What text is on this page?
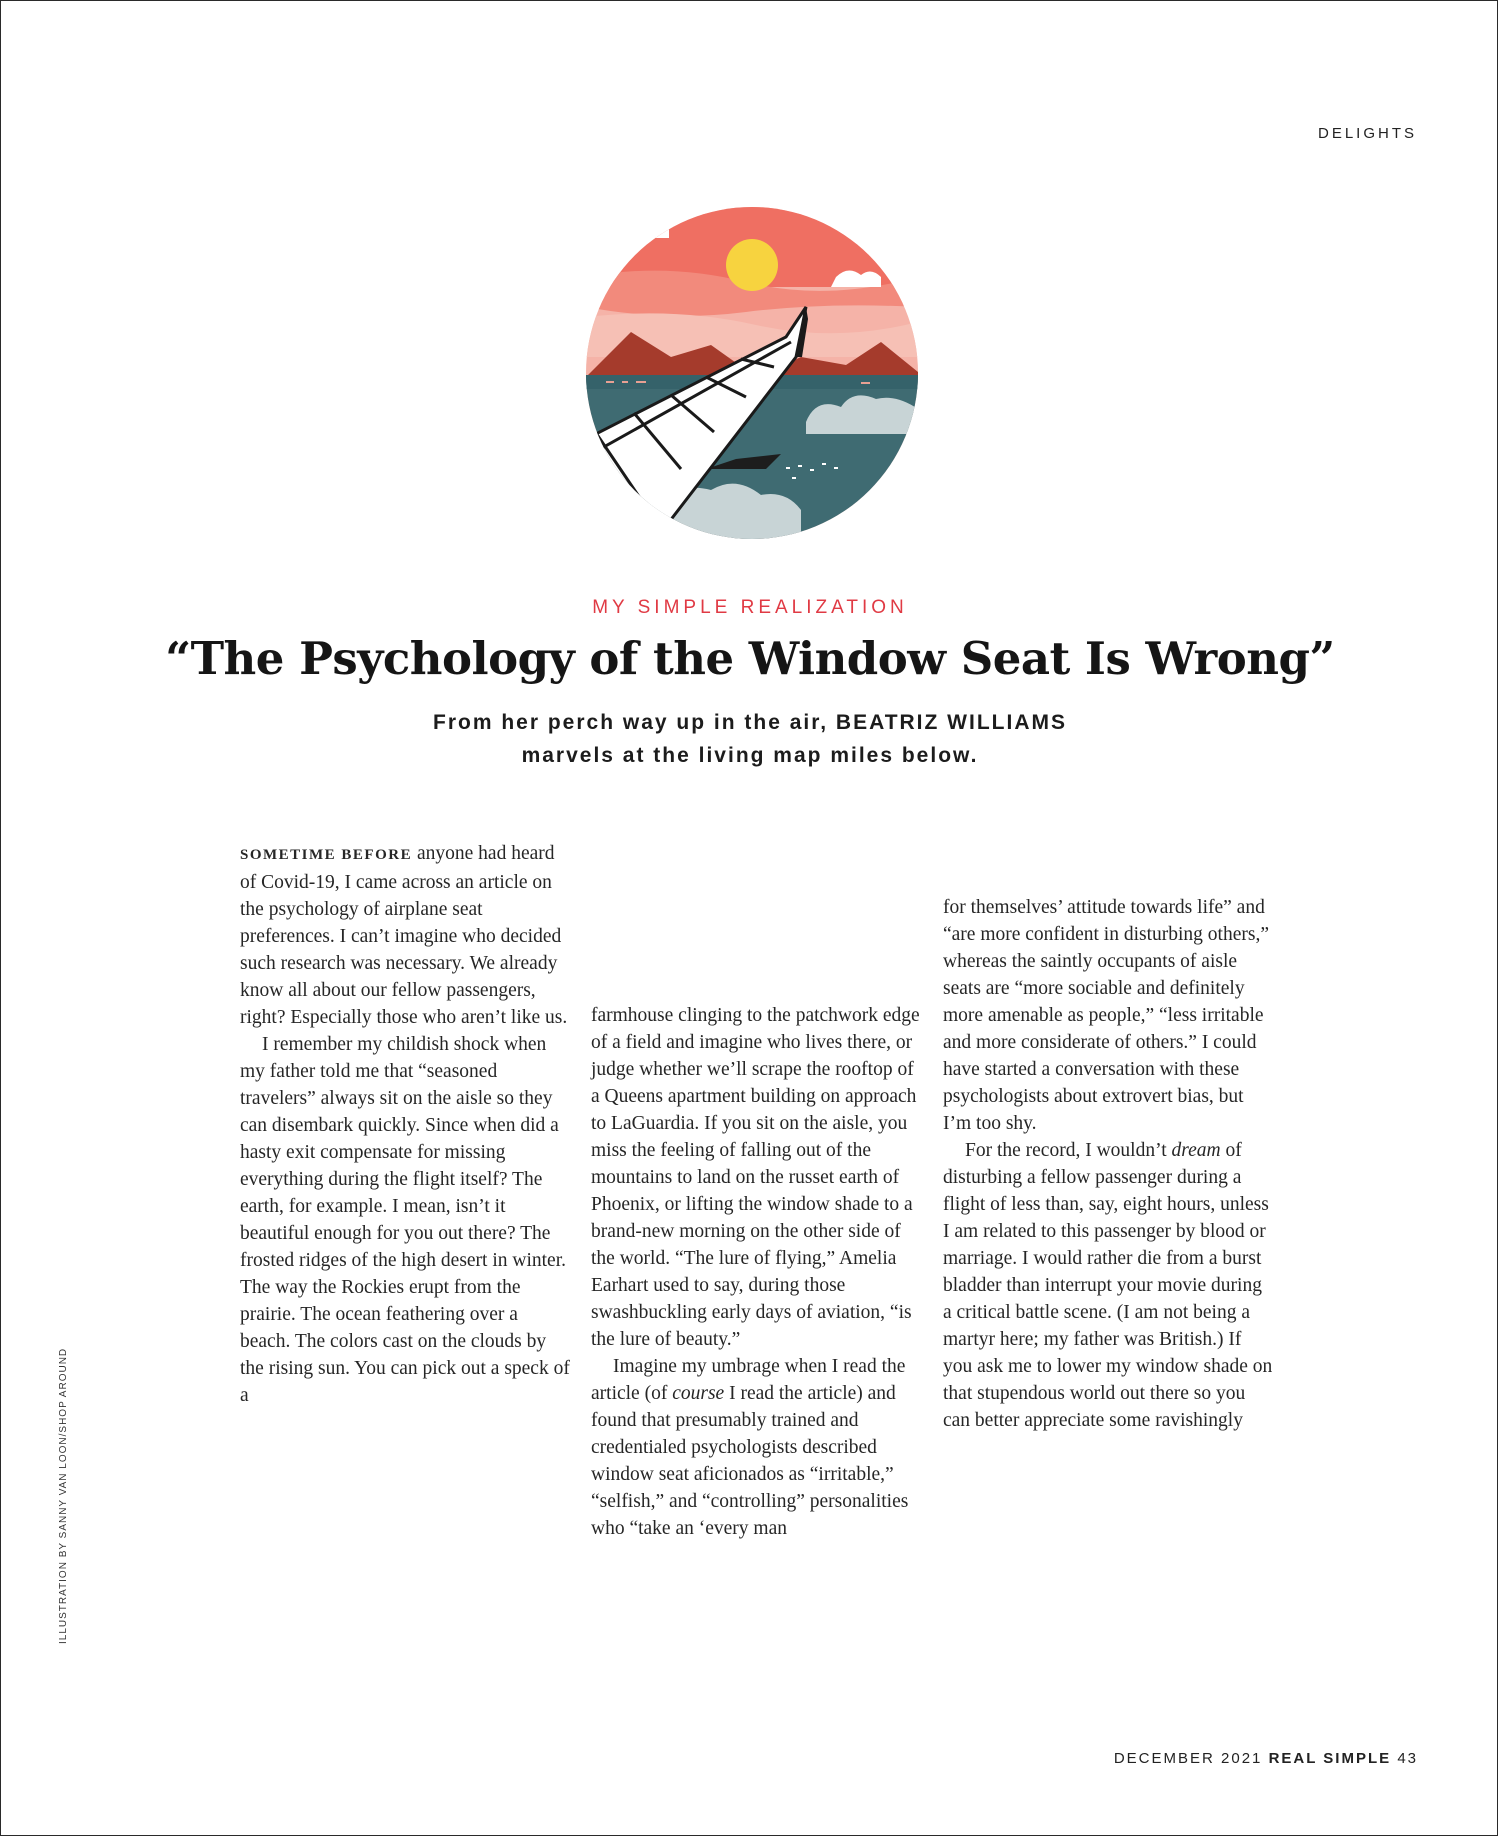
DELIGHTS
MY SIMPLE REALIZATION
“The Psychology of the Window Seat Is Wrong”
From her perch way up in the air, BEATRIZ WILLIAMS
marvels at the living map miles below.

SOMETIME BEFORE anyone had heard of Covid-19, I came across an article on the psychology of airplane seat preferences. I can’t imagine who decided such research was necessary. We already know all about our fellow passengers, right? Especially those who aren’t like us.

I remember my childish shock when my father told me that “seasoned travelers” always sit on the aisle so they can disembark quickly. Since when did a hasty exit compensate for missing everything during the flight itself? The earth, for example. I mean, isn’t it beautiful enough for you out there? The frosted ridges of the high desert in winter. The way the Rockies erupt from the prairie. The ocean feathering over a beach. The colors cast on the clouds by the rising sun. You can pick out a speck of a

farmhouse clinging to the patchwork edge of a field and imagine who lives there, or judge whether we’ll scrape the rooftop of a Queens apartment building on approach to LaGuardia. If you sit on the aisle, you miss the feeling of falling out of the mountains to land on the russet earth of Phoenix, or lifting the window shade to a brand-new morning on the other side of the world. “The lure of flying,” Amelia Earhart used to say, during those swashbuckling early days of aviation, “is the lure of beauty.”

Imagine my umbrage when I read the article (of course I read the article) and found that presumably trained and credentialed psychologists described window seat aficionados as “irritable,” “selfish,” and “controlling” personalities who “take an ‘every man

for themselves’ attitude towards life” and “are more confident in disturbing others,” whereas the saintly occupants of aisle seats are “more sociable and definitely more amenable as people,” “less irritable and more considerate of others.” I could have started a conversation with these psychologists about extrovert bias, but I’m too shy.

For the record, I wouldn’t dream of disturbing a fellow passenger during a flight of less than, say, eight hours, unless I am related to this passenger by blood or marriage. I would rather die from a burst bladder than interrupt your movie during a critical battle scene. (I am not being a martyr here; my father was British.) If you ask me to lower my window shade on that stupendous world out there so you can better appreciate some ravishingly

ILLUSTRATION BY SANNY VAN LOON/SHOP AROUND
DECEMBER 2021 REAL SIMPLE 43
